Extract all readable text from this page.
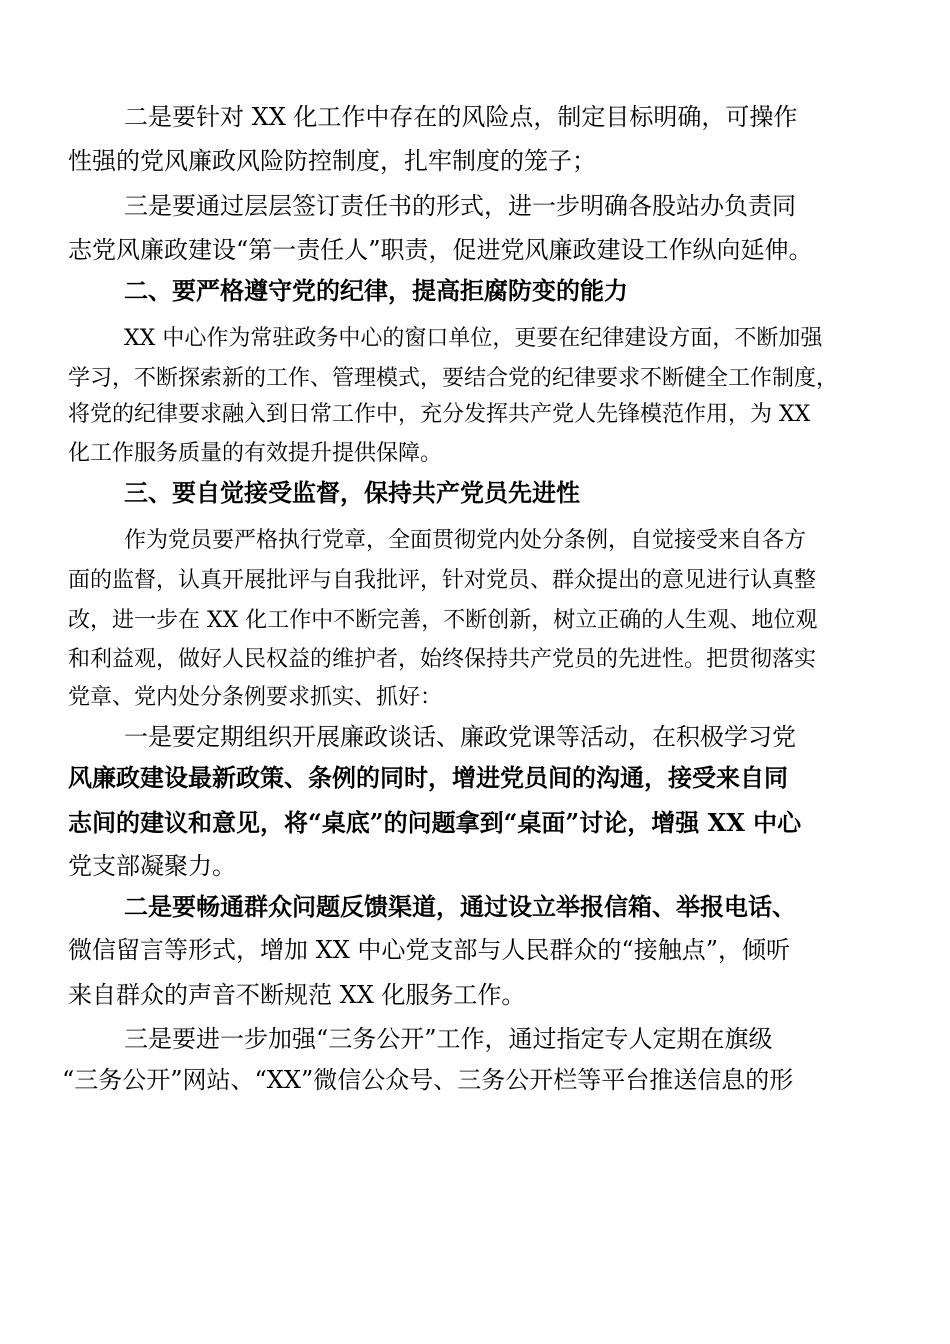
二是要针对 XX 化工作中存在的风险点，制定目标明确，可操作
性强的党风廉政风险防控制度，扎牢制度的笼子；
三是要通过层层签订责任书的形式，进一步明确各股站办负责同
志党风廉政建设“第一责任人”职责，促进党风廉政建设工作纵向延伸。
二、要严格遵守党的纪律，提高拒腐防变的能力
XX 中心作为常驻政务中心的窗口单位，更要在纪律建设方面，不断加强
学习，不断探索新的工作、管理模式，要结合党的纪律要求不断健全工作制度，
将党的纪律要求融入到日常工作中，充分发挥共产党人先锋模范作用，为 XX
化工作服务质量的有效提升提供保障。
三、要自觉接受监督，保持共产党员先进性
作为党员要严格执行党章，全面贯彻党内处分条例，自觉接受来自各方
面的监督，认真开展批评与自我批评，针对党员、群众提出的意见进行认真整
改，进一步在 XX 化工作中不断完善，不断创新，树立正确的人生观、地位观
和利益观，做好人民权益的维护者，始终保持共产党员的先进性。把贯彻落实
党章、党内处分条例要求抓实、抓好：
一是要定期组织开展廉政谈话、廉政党课等活动，在积极学习党
风廉政建设最新政策、条例的同时，增进党员间的沟通，接受来自同
志间的建议和意见，将“桌底”的问题拿到“桌面”讨论，增强 XX 中心
党支部凝聚力。
二是要畅通群众问题反馈渠道，通过设立举报信箱、举报电话、
微信留言等形式，增加 XX 中心党支部与人民群众的“接触点”，倾听
来自群众的声音不断规范 XX 化服务工作。
三是要进一步加强“三务公开”工作，通过指定专人定期在旗级
“三务公开”网站、“XX”微信公众号、三务公开栏等平台推送信息的形
